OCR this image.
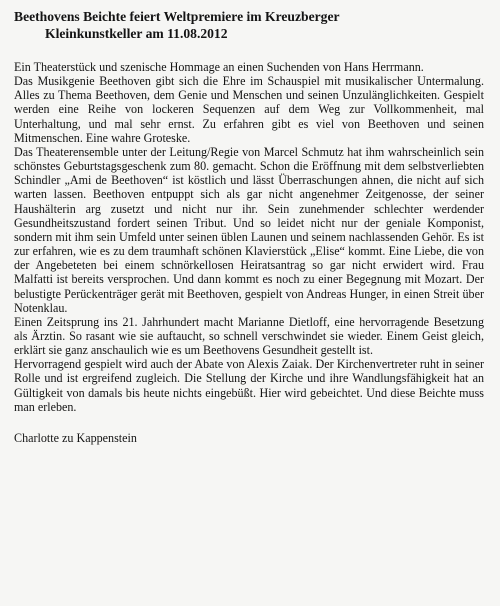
Beethovens Beichte feiert Weltpremiere im Kreuzberger
Kleinkunstkeller am 11.08.2012

Ein Theaterstück und szenische Hommage an einen Suchenden von Hans Herrmann.

Das Musikgenie Beethoven gibt sich die Ehre im Schauspiel mit musikalischer Untermalung. Alles zu Thema Beethoven, dem Genie und Menschen und seinen Unzulänglichkeiten. Gespielt werden eine Reihe von lockeren Sequenzen auf dem Weg zur Vollkommenheit, mal Unterhaltung, und mal sehr ernst. Zu erfahren gibt es viel von Beethoven und seinen Mitmenschen. Eine wahre Groteske.

Das Theaterensemble unter der Leitung/Regie von Marcel Schmutz hat ihm wahrscheinlich sein schönstes Geburtstagsgeschenk zum 80. gemacht. Schon die Eröffnung mit dem selbstverliebten Schindler „Ami de Beethoven“ ist köstlich und lässt Überraschungen ahnen, die nicht auf sich warten lassen. Beethoven entpuppt sich als gar nicht angenehmer Zeitgenosse, der seiner Haushälterin arg zusetzt und nicht nur ihr. Sein zunehmender schlechter werdender Gesundheitszustand fordert seinen Tribut. Und so leidet nicht nur der geniale Komponist, sondern mit ihm sein Umfeld unter seinen üblen Launen und seinem nachlassenden Gehör. Es ist zur erfahren, wie es zu dem traumhaft schönen Klavierstück „Elise“ kommt. Eine Liebe, die von der Angebeteten bei einem schnörkellosen Heiratsantrag so gar nicht erwidert wird. Frau Malfatti ist bereits versprochen. Und dann kommt es noch zu einer Begegnung mit Mozart. Der belustigte Perückenträger gerät mit Beethoven, gespielt von Andreas Hunger, in einen Streit über Notenklau.

Einen Zeitsprung ins 21. Jahrhundert macht Marianne Dietloff, eine hervorragende Besetzung als Ärztin. So rasant wie sie auftaucht, so schnell verschwindet sie wieder. Einem Geist gleich, erklärt sie ganz anschaulich wie es um Beethovens Gesundheit gestellt ist.

Hervorragend gespielt wird auch der Abate von Alexis Zaiak. Der Kirchenvertreter ruht in seiner Rolle und ist ergreifend zugleich. Die Stellung der Kirche und ihre Wandlungsfähigkeit hat an Gültigkeit von damals bis heute nichts eingebüßt. Hier wird gebeichtet. Und diese Beichte muss man erleben.

Charlotte zu Kappenstein
